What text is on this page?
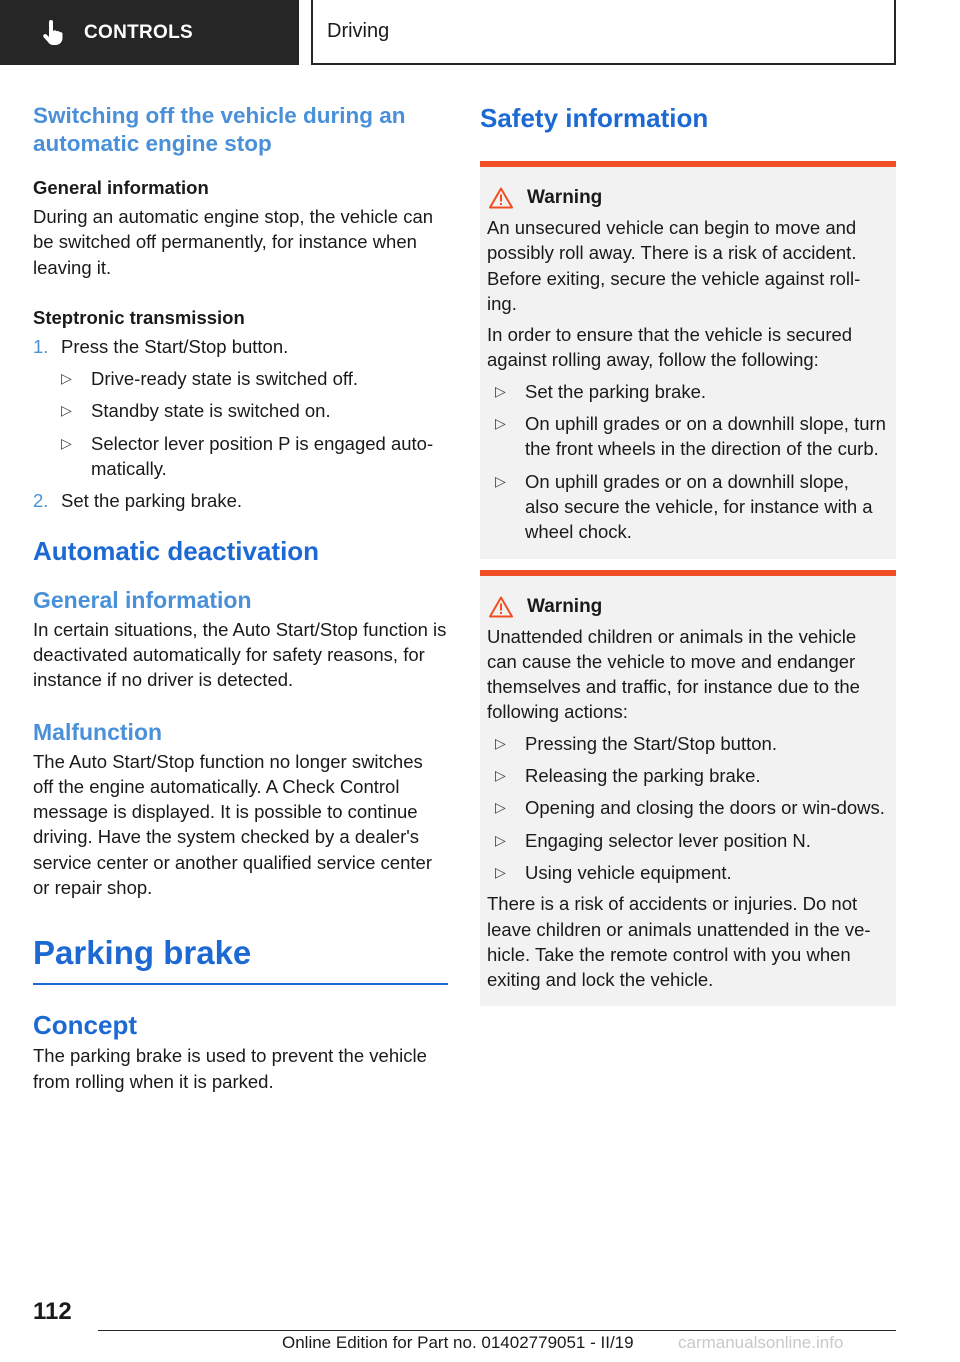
CONTROLS	Driving
Switching off the vehicle during an automatic engine stop
General information

During an automatic engine stop, the vehicle can be switched off permanently, for instance when leaving it.

Steptronic transmission
1. Press the Start/Stop button.
▷ Drive-ready state is switched off.
▷ Standby state is switched on.
▷ Selector lever position P is engaged auto‐matically.
2. Set the parking brake.
Automatic deactivation
General information

In certain situations, the Auto Start/Stop function is deactivated automatically for safety reasons, for instance if no driver is detected.

Malfunction

The Auto Start/Stop function no longer switches off the engine automatically. A Check Control message is displayed. It is possible to continue driving. Have the system checked by a dealer's service center or another qualified service center or repair shop.

Parking brake
Concept

The parking brake is used to prevent the vehicle from rolling when it is parked.

Safety information
Warning

An unsecured vehicle can begin to move and possibly roll away. There is a risk of accident. Before exiting, secure the vehicle against roll‐ing.

In order to ensure that the vehicle is secured against rolling away, follow the following:

▷ Set the parking brake.
▷ On uphill grades or on a downhill slope, turn the front wheels in the direction of the curb.
▷ On uphill grades or on a downhill slope, also secure the vehicle, for instance with a wheel chock.
Warning

Unattended children or animals in the vehicle can cause the vehicle to move and endanger themselves and traffic, for instance due to the following actions:

▷ Pressing the Start/Stop button.
▷ Releasing the parking brake.
▷ Opening and closing the doors or win‐dows.
▷ Engaging selector lever position N.
▷ Using vehicle equipment.

There is a risk of accidents or injuries. Do not leave children or animals unattended in the ve‐hicle. Take the remote control with you when exiting and lock the vehicle.

112
Online Edition for Part no. 01402779051 - II/19	carmanualsonline.info
